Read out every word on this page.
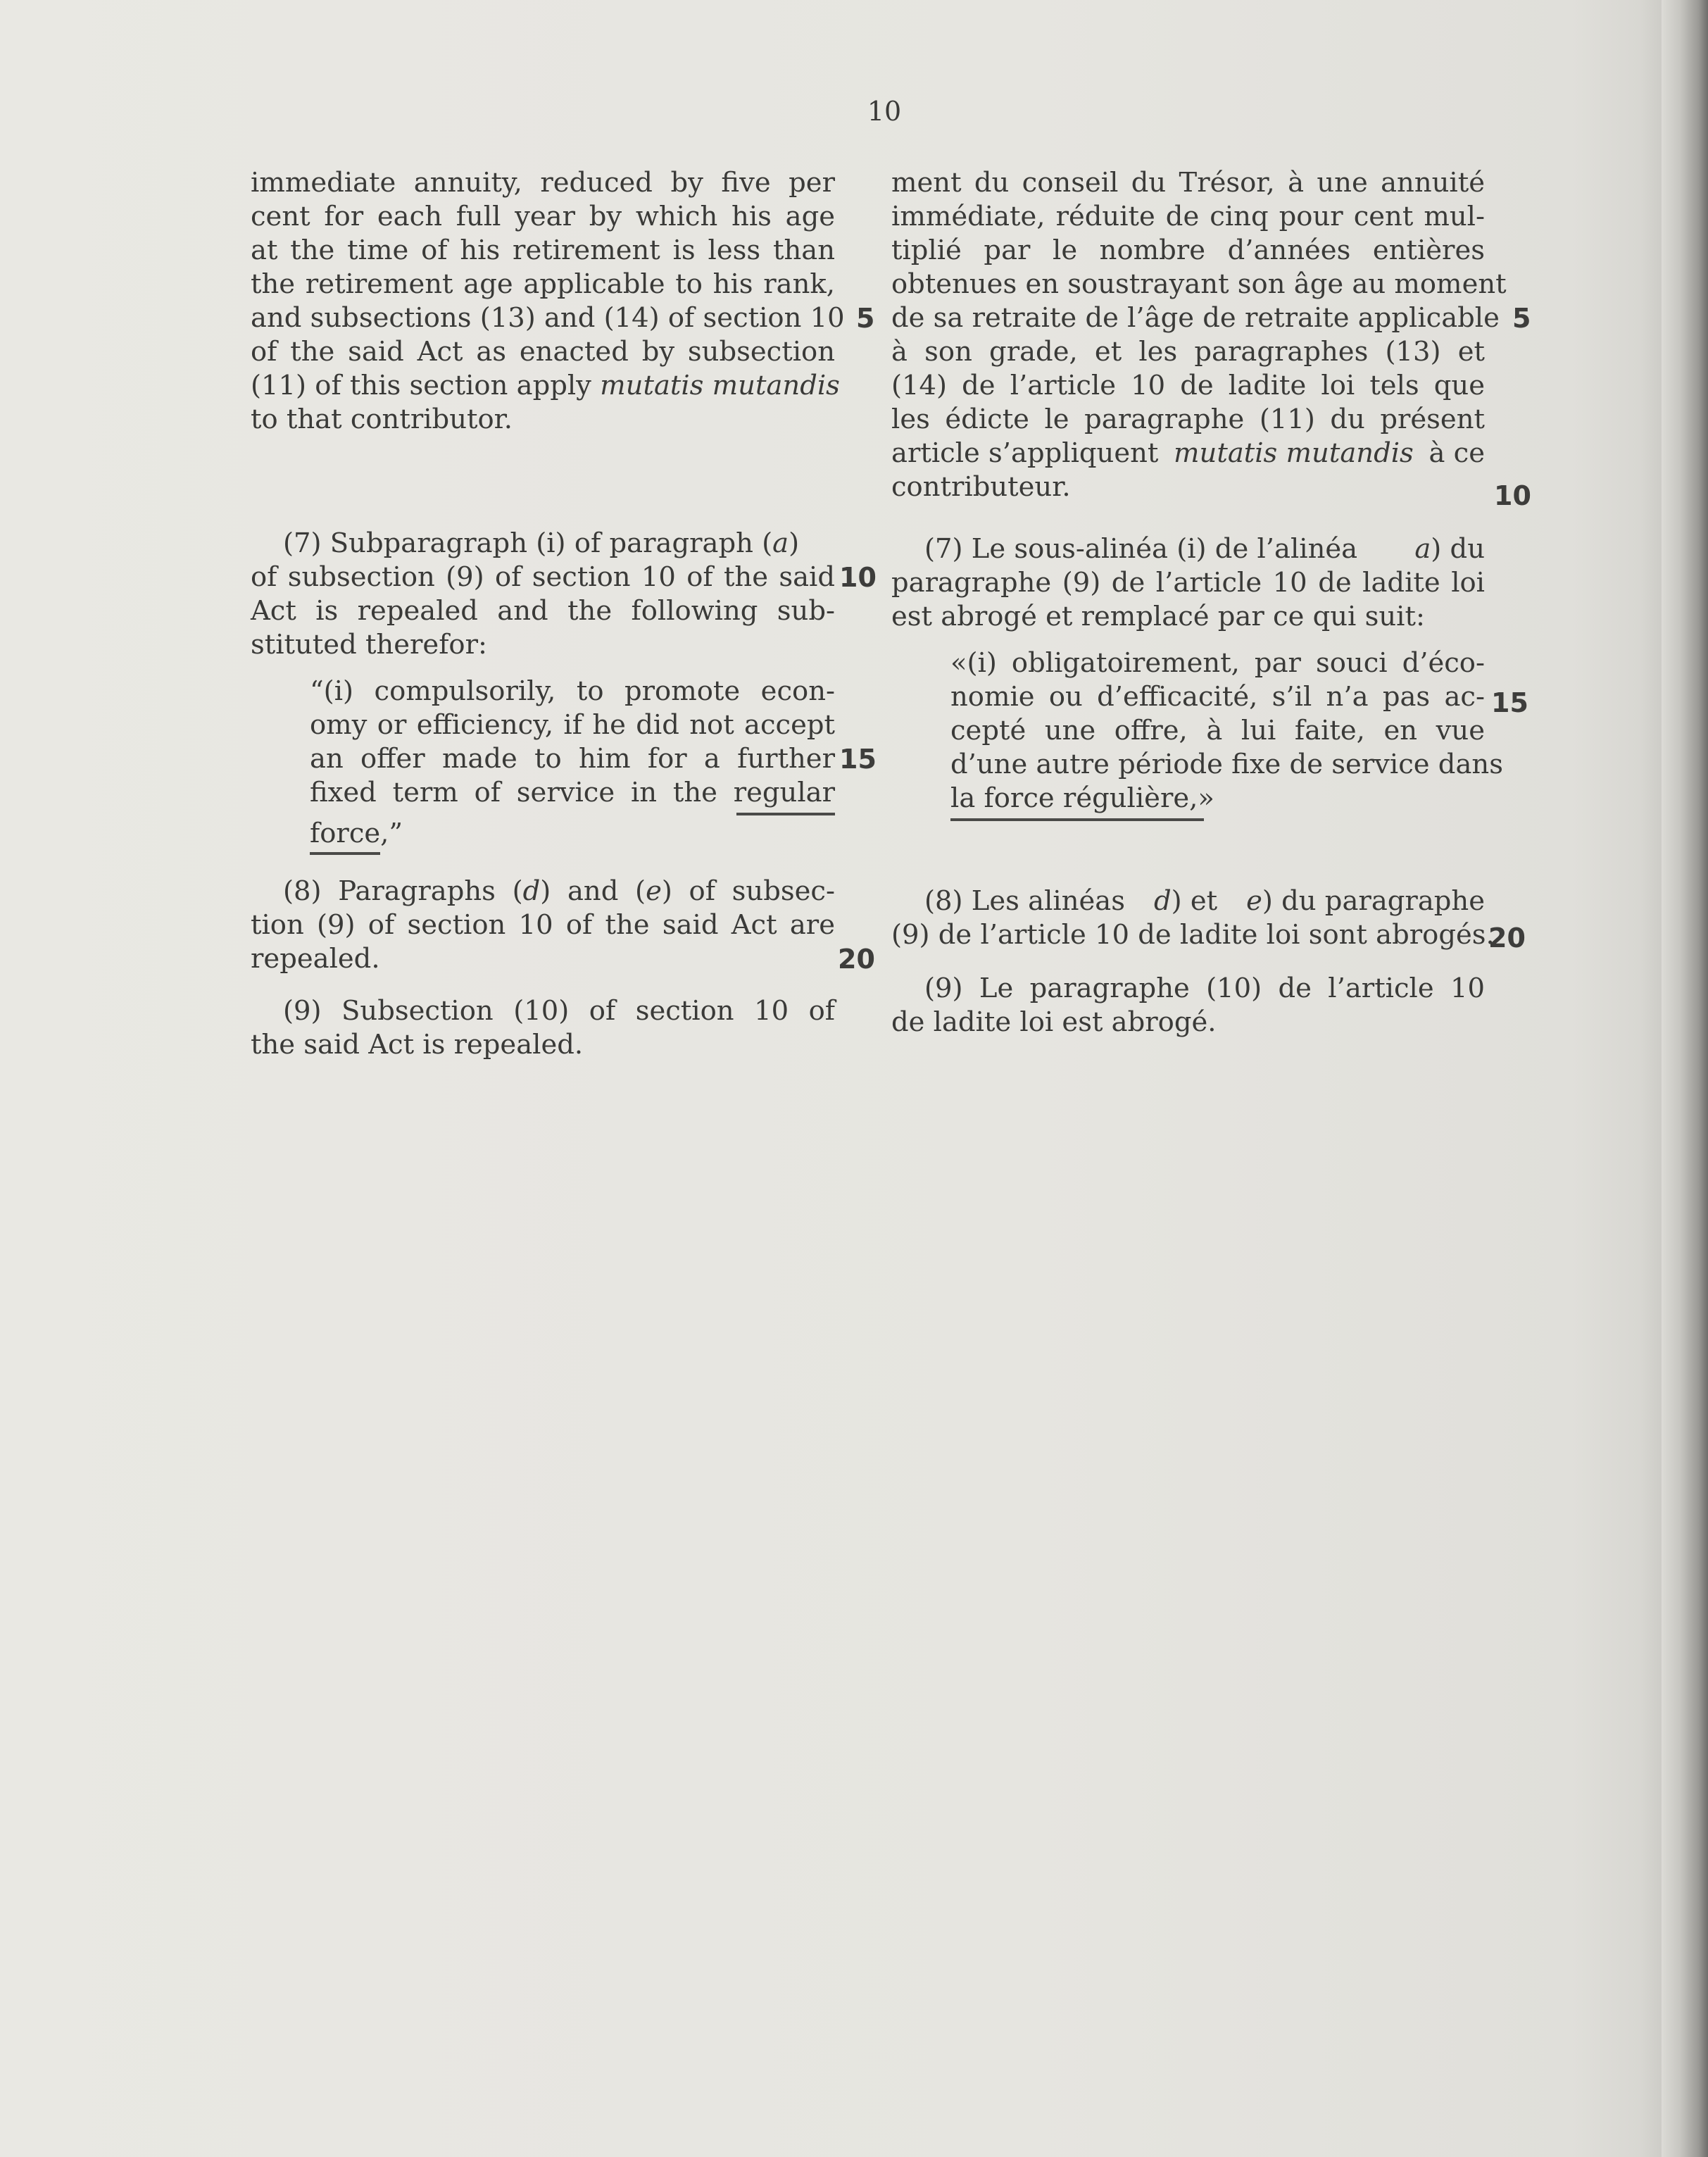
10
immediate annuity, reduced by five per
cent for each full year by which his age
at the time of his retirement is less than
the retirement age applicable to his rank,
and subsections (13) and (14) of section 10
of the said Act as enacted by subsection
(11) of this section apply mutatis mutandis
to that contributor.
(7) Subparagraph (i) of paragraph (a)
of subsection (9) of section 10 of the said
Act is repealed and the following sub-
stituted therefor:
“(i) compulsorily, to promote econ-
omy or efficiency, if he did not accept
an offer made to him for a further
fixed term of service in the regular
force,”
(8) Paragraphs (d) and (e) of subsec-
tion (9) of section 10 of the said Act are
repealed.
(9) Subsection (10) of section 10 of
the said Act is repealed.
5
10
15
20
ment du conseil du Trésor, à une annuité
immédiate, réduite de cinq pour cent mul-
tiplié par le nombre d’années entières
obtenues en soustrayant son âge au moment
de sa retraite de l’âge de retraite applicable
à son grade, et les paragraphes (13) et
(14) de l’article 10 de ladite loi tels que
les édicte le paragraphe (11) du présent
article s’appliquent mutatis mutandis à ce
contributeur.
(7) Le sous-alinéa (i) de l’alinéa a) du
paragraphe (9) de l’article 10 de ladite loi
est abrogé et remplacé par ce qui suit:
«(i) obligatoirement, par souci d’éco-
nomie ou d’efficacité, s’il n’a pas ac-
cepté une offre, à lui faite, en vue
d’une autre période fixe de service dans
la force régulière,»
(8) Les alinéas d) et e) du paragraphe
(9) de l’article 10 de ladite loi sont abrogés.
(9) Le paragraphe (10) de l’article 10
de ladite loi est abrogé.
5
10
15
20
